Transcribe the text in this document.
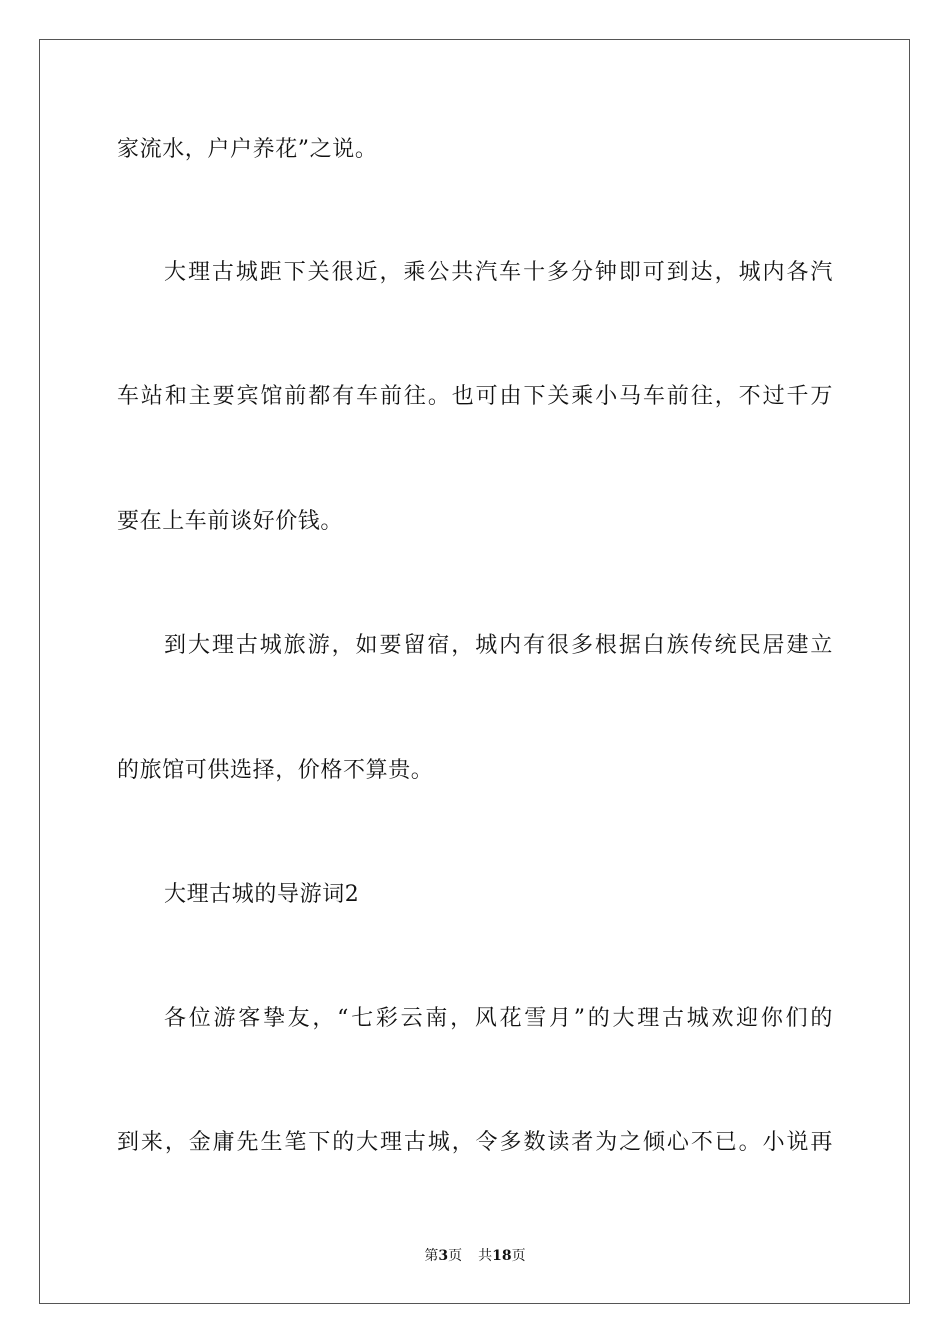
家流水，户户养花”之说。
大理古城距下关很近，乘公共汽车十多分钟即可到达，城内各汽
车站和主要宾馆前都有车前往。也可由下关乘小马车前往，不过千万
要在上车前谈好价钱。
到大理古城旅游，如要留宿，城内有很多根据白族传统民居建立
的旅馆可供选择，价格不算贵。
大理古城的导游词2
各位游客挚友，“七彩云南，风花雪月”的大理古城欢迎你们的
到来，金庸先生笔下的大理古城，令多数读者为之倾心不已。小说再
第3页 共18页
